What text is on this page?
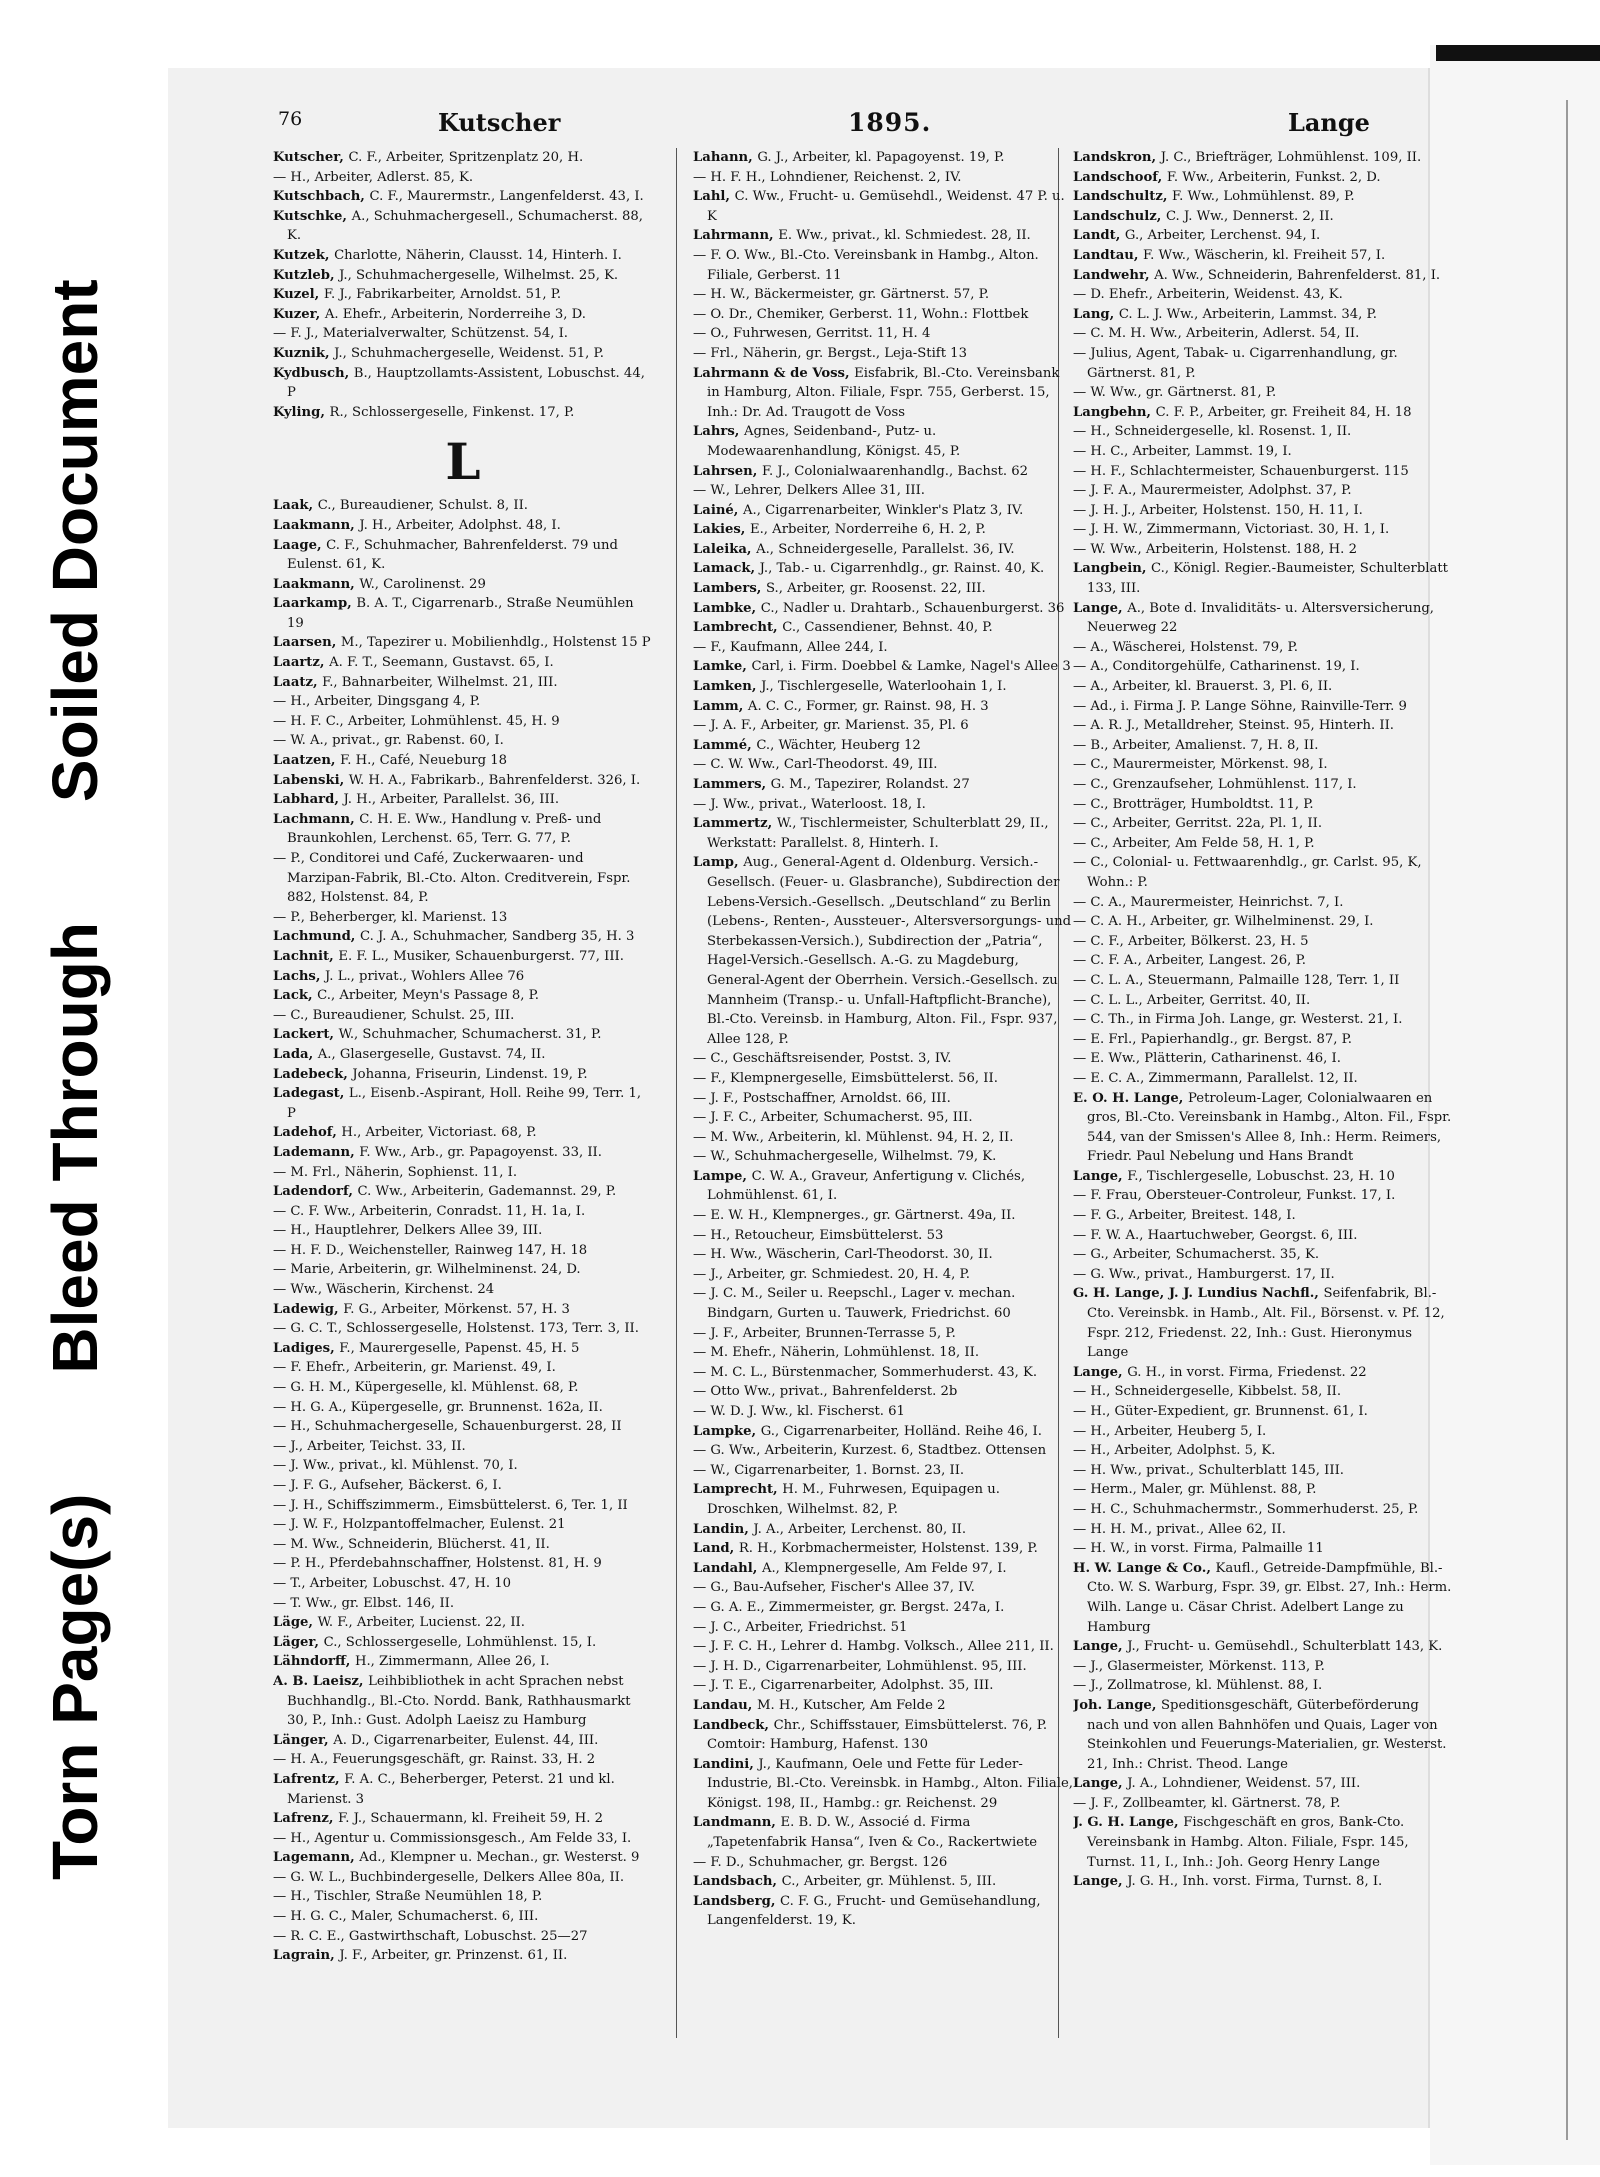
Torn Page(s)
Bleed Through
Soiled Document
76	Kutscher	1895.	Lange

Kutscher, C. F., Arbeiter, Spritzenplatz 20, H.

— H., Arbeiter, Adlerst. 85, K.

Kutschbach, C. F., Maurermstr., Langenfelderst. 43, I.

Kutschke, A., Schuhmachergesell., Schumacherst. 88, K.

Kutzek, Charlotte, Näherin, Clausst. 14, Hinterh. I.

Kutzleb, J., Schuhmachergeselle, Wilhelmst. 25, K.

Kuzel, F. J., Fabrikarbeiter, Arnoldst. 51, P.

Kuzer, A. Ehefr., Arbeiterin, Norderreihe 3, D.

— F. J., Materialverwalter, Schützenst. 54, I.

Kuznik, J., Schuhmachergeselle, Weidenst. 51, P.

Kydbusch, B., Hauptzollamts-Assistent, Lobuschst. 44, P

Kyling, R., Schlossergeselle, Finkenst. 17, P.

L

Laak, C., Bureaudiener, Schulst. 8, II.

Laakmann, J. H., Arbeiter, Adolphst. 48, I.

Laage, C. F., Schuhmacher, Bahrenfelderst. 79 und Eulenst. 61, K.

Laakmann, W., Carolinenst. 29

Laarkamp, B. A. T., Cigarrenarb., Straße Neumühlen 19

Laarsen, M., Tapezirer u. Mobilienhdlg., Holstenst 15 P

Laartz, A. F. T., Seemann, Gustavst. 65, I.

Laatz, F., Bahnarbeiter, Wilhelmst. 21, III.

— H., Arbeiter, Dingsgang 4, P.

— H. F. C., Arbeiter, Lohmühlenst. 45, H. 9

— W. A., privat., gr. Rabenst. 60, I.

Laatzen, F. H., Café, Neueburg 18

Labenski, W. H. A., Fabrikarb., Bahrenfelderst. 326, I.

Labhard, J. H., Arbeiter, Parallelst. 36, III.

Lachmann, C. H. E. Ww., Handlung v. Preß- und Braunkohlen, Lerchenst. 65, Terr. G. 77, P.

— P., Conditorei und Café, Zuckerwaaren- und Marzipan-Fabrik, Bl.-Cto. Alton. Creditverein, Fspr. 882, Holstenst. 84, P.

— P., Beherberger, kl. Marienst. 13

Lachmund, C. J. A., Schuhmacher, Sandberg 35, H. 3

Lachnit, E. F. L., Musiker, Schauenburgerst. 77, III.

Lachs, J. L., privat., Wohlers Allee 76

Lack, C., Arbeiter, Meyn's Passage 8, P.

— C., Bureaudiener, Schulst. 25, III.

Lackert, W., Schuhmacher, Schumacherst. 31, P.

Lada, A., Glasergeselle, Gustavst. 74, II.

Ladebeck, Johanna, Friseurin, Lindenst. 19, P.

Ladegast, L., Eisenb.-Aspirant, Holl. Reihe 99, Terr. 1, P

Ladehof, H., Arbeiter, Victoriast. 68, P.

Lademann, F. Ww., Arb., gr. Papagoyenst. 33, II.

— M. Frl., Näherin, Sophienst. 11, I.

Ladendorf, C. Ww., Arbeiterin, Gademannst. 29, P.

— C. F. Ww., Arbeiterin, Conradst. 11, H. 1a, I.

— H., Hauptlehrer, Delkers Allee 39, III.

— H. F. D., Weichensteller, Rainweg 147, H. 18

— Marie, Arbeiterin, gr. Wilhelminenst. 24, D.

— Ww., Wäscherin, Kirchenst. 24

Ladewig, F. G., Arbeiter, Mörkenst. 57, H. 3

— G. C. T., Schlossergeselle, Holstenst. 173, Terr. 3, II.

Ladiges, F., Maurergeselle, Papenst. 45, H. 5

— F. Ehefr., Arbeiterin, gr. Marienst. 49, I.

— G. H. M., Küpergeselle, kl. Mühlenst. 68, P.

— H. G. A., Küpergeselle, gr. Brunnenst. 162a, II.

— H., Schuhmachergeselle, Schauenburgerst. 28, II

— J., Arbeiter, Teichst. 33, II.

— J. Ww., privat., kl. Mühlenst. 70, I.

— J. F. G., Aufseher, Bäckerst. 6, I.

— J. H., Schiffszimmerm., Eimsbüttelerst. 6, Ter. 1, II

— J. W. F., Holzpantoffelmacher, Eulenst. 21

— M. Ww., Schneiderin, Blücherst. 41, II.

— P. H., Pferdebahnschaffner, Holstenst. 81, H. 9

— T., Arbeiter, Lobuschst. 47, H. 10

— T. Ww., gr. Elbst. 146, II.

Läge, W. F., Arbeiter, Lucienst. 22, II.

Läger, C., Schlossergeselle, Lohmühlenst. 15, I.

Lähndorff, H., Zimmermann, Allee 26, I.

A. B. Laeisz, Leihbibliothek in acht Sprachen nebst Buchhandlg., Bl.-Cto. Nordd. Bank, Rathhausmarkt 30, P., Inh.: Gust. Adolph Laeisz zu Hamburg

Länger, A. D., Cigarrenarbeiter, Eulenst. 44, III.

— H. A., Feuerungsgeschäft, gr. Rainst. 33, H. 2

Lafrentz, F. A. C., Beherberger, Peterst. 21 und kl. Marienst. 3

Lafrenz, F. J., Schauermann, kl. Freiheit 59, H. 2

— H., Agentur u. Commissionsgesch., Am Felde 33, I.

Lagemann, Ad., Klempner u. Mechan., gr. Westerst. 9

— G. W. L., Buchbindergeselle, Delkers Allee 80a, II.

— H., Tischler, Straße Neumühlen 18, P.

— H. G. C., Maler, Schumacherst. 6, III.

— R. C. E., Gastwirthschaft, Lobuschst. 25—27

Lagrain, J. F., Arbeiter, gr. Prinzenst. 61, II.

Lahann, G. J., Arbeiter, kl. Papagoyenst. 19, P.

— H. F. H., Lohndiener, Reichenst. 2, IV.

Lahl, C. Ww., Frucht- u. Gemüsehdl., Weidenst. 47 P. u. K

Lahrmann, E. Ww., privat., kl. Schmiedest. 28, II.

— F. O. Ww., Bl.-Cto. Vereinsbank in Hambg., Alton. Filiale, Gerberst. 11

— H. W., Bäckermeister, gr. Gärtnerst. 57, P.

— O. Dr., Chemiker, Gerberst. 11, Wohn.: Flottbek

— O., Fuhrwesen, Gerritst. 11, H. 4

— Frl., Näherin, gr. Bergst., Leja-Stift 13

Lahrmann & de Voss, Eisfabrik, Bl.-Cto. Vereinsbank in Hamburg, Alton. Filiale, Fspr. 755, Gerberst. 15, Inh.: Dr. Ad. Traugott de Voss

Lahrs, Agnes, Seidenband-, Putz- u. Modewaarenhandlung, Königst. 45, P.

Lahrsen, F. J., Colonialwaarenhandlg., Bachst. 62

— W., Lehrer, Delkers Allee 31, III.

Lainé, A., Cigarrenarbeiter, Winkler's Platz 3, IV.

Lakies, E., Arbeiter, Norderreihe 6, H. 2, P.

Laleika, A., Schneidergeselle, Parallelst. 36, IV.

Lamack, J., Tab.- u. Cigarrenhdlg., gr. Rainst. 40, K.

Lambers, S., Arbeiter, gr. Roosenst. 22, III.

Lambke, C., Nadler u. Drahtarb., Schauenburgerst. 36

Lambrecht, C., Cassendiener, Behnst. 40, P.

— F., Kaufmann, Allee 244, I.

Lamke, Carl, i. Firm. Doebbel & Lamke, Nagel's Allee 3

Lamken, J., Tischlergeselle, Waterloohain 1, I.

Lamm, A. C. C., Former, gr. Rainst. 98, H. 3

— J. A. F., Arbeiter, gr. Marienst. 35, Pl. 6

Lammé, C., Wächter, Heuberg 12

— C. W. Ww., Carl-Theodorst. 49, III.

Lammers, G. M., Tapezirer, Rolandst. 27

— J. Ww., privat., Waterloost. 18, I.

Lammertz, W., Tischlermeister, Schulterblatt 29, II., Werkstatt: Parallelst. 8, Hinterh. I.

Lamp, Aug., General-Agent d. Oldenburg. Versich.-Gesellsch. (Feuer- u. Glasbranche), Subdirection der Lebens-Versich.-Gesellsch. „Deutschland“ zu Berlin (Lebens-, Renten-, Aussteuer-, Altersversorgungs- und Sterbekassen-Versich.), Subdirection der „Patria“, Hagel-Versich.-Gesellsch. A.-G. zu Magdeburg, General-Agent der Oberrhein. Versich.-Gesellsch. zu Mannheim (Transp.- u. Unfall-Haftpflicht-Branche), Bl.-Cto. Vereinsb. in Hamburg, Alton. Fil., Fspr. 937, Allee 128, P.

— C., Geschäftsreisender, Postst. 3, IV.

— F., Klempnergeselle, Eimsbüttelerst. 56, II.

— J. F., Postschaffner, Arnoldst. 66, III.

— J. F. C., Arbeiter, Schumacherst. 95, III.

— M. Ww., Arbeiterin, kl. Mühlenst. 94, H. 2, II.

— W., Schuhmachergeselle, Wilhelmst. 79, K.

Lampe, C. W. A., Graveur, Anfertigung v. Clichés, Lohmühlenst. 61, I.

— E. W. H., Klempnerges., gr. Gärtnerst. 49a, II.

— H., Retoucheur, Eimsbüttelerst. 53

— H. Ww., Wäscherin, Carl-Theodorst. 30, II.

— J., Arbeiter, gr. Schmiedest. 20, H. 4, P.

— J. C. M., Seiler u. Reepschl., Lager v. mechan. Bindgarn, Gurten u. Tauwerk, Friedrichst. 60

— J. F., Arbeiter, Brunnen-Terrasse 5, P.

— M. Ehefr., Näherin, Lohmühlenst. 18, II.

— M. C. L., Bürstenmacher, Sommerhuderst. 43, K.

— Otto Ww., privat., Bahrenfelderst. 2b

— W. D. J. Ww., kl. Fischerst. 61

Lampke, G., Cigarrenarbeiter, Holländ. Reihe 46, I.

— G. Ww., Arbeiterin, Kurzest. 6, Stadtbez. Ottensen

— W., Cigarrenarbeiter, 1. Bornst. 23, II.

Lamprecht, H. M., Fuhrwesen, Equipagen u. Droschken, Wilhelmst. 82, P.

Landin, J. A., Arbeiter, Lerchenst. 80, II.

Land, R. H., Korbmachermeister, Holstenst. 139, P.

Landahl, A., Klempnergeselle, Am Felde 97, I.

— G., Bau-Aufseher, Fischer's Allee 37, IV.

— G. A. E., Zimmermeister, gr. Bergst. 247a, I.

— J. C., Arbeiter, Friedrichst. 51

— J. F. C. H., Lehrer d. Hambg. Volksch., Allee 211, II.

— J. H. D., Cigarrenarbeiter, Lohmühlenst. 95, III.

— J. T. E., Cigarrenarbeiter, Adolphst. 35, III.

Landau, M. H., Kutscher, Am Felde 2

Landbeck, Chr., Schiffsstauer, Eimsbüttelerst. 76, P. Comtoir: Hamburg, Hafenst. 130

Landini, J., Kaufmann, Oele und Fette für Leder-Industrie, Bl.-Cto. Vereinsbk. in Hambg., Alton. Filiale, Königst. 198, II., Hambg.: gr. Reichenst. 29

Landmann, E. B. D. W., Associé d. Firma „Tapetenfabrik Hansa“, Iven & Co., Rackertwiete

— F. D., Schuhmacher, gr. Bergst. 126

Landsbach, C., Arbeiter, gr. Mühlenst. 5, III.

Landsberg, C. F. G., Frucht- und Gemüsehandlung, Langenfelderst. 19, K.

Landskron, J. C., Briefträger, Lohmühlenst. 109, II.

Landschoof, F. Ww., Arbeiterin, Funkst. 2, D.

Landschultz, F. Ww., Lohmühlenst. 89, P.

Landschulz, C. J. Ww., Dennerst. 2, II.

Landt, G., Arbeiter, Lerchenst. 94, I.

Landtau, F. Ww., Wäscherin, kl. Freiheit 57, I.

Landwehr, A. Ww., Schneiderin, Bahrenfelderst. 81, I.

— D. Ehefr., Arbeiterin, Weidenst. 43, K.

Lang, C. L. J. Ww., Arbeiterin, Lammst. 34, P.

— C. M. H. Ww., Arbeiterin, Adlerst. 54, II.

— Julius, Agent, Tabak- u. Cigarrenhandlung, gr. Gärtnerst. 81, P.

— W. Ww., gr. Gärtnerst. 81, P.

Langbehn, C. F. P., Arbeiter, gr. Freiheit 84, H. 18

— H., Schneidergeselle, kl. Rosenst. 1, II.

— H. C., Arbeiter, Lammst. 19, I.

— H. F., Schlachtermeister, Schauenburgerst. 115

— J. F. A., Maurermeister, Adolphst. 37, P.

— J. H. J., Arbeiter, Holstenst. 150, H. 11, I.

— J. H. W., Zimmermann, Victoriast. 30, H. 1, I.

— W. Ww., Arbeiterin, Holstenst. 188, H. 2

Langbein, C., Königl. Regier.-Baumeister, Schulterblatt 133, III.

Lange, A., Bote d. Invaliditäts- u. Altersversicherung, Neuerweg 22

— A., Wäscherei, Holstenst. 79, P.

— A., Conditorgehülfe, Catharinenst. 19, I.

— A., Arbeiter, kl. Brauerst. 3, Pl. 6, II.

— Ad., i. Firma J. P. Lange Söhne, Rainville-Terr. 9

— A. R. J., Metalldreher, Steinst. 95, Hinterh. II.

— B., Arbeiter, Amalienst. 7, H. 8, II.

— C., Maurermeister, Mörkenst. 98, I.

— C., Grenzaufseher, Lohmühlenst. 117, I.

— C., Brotträger, Humboldtst. 11, P.

— C., Arbeiter, Gerritst. 22a, Pl. 1, II.

— C., Arbeiter, Am Felde 58, H. 1, P.

— C., Colonial- u. Fettwaarenhdlg., gr. Carlst. 95, K, Wohn.: P.

— C. A., Maurermeister, Heinrichst. 7, I.

— C. A. H., Arbeiter, gr. Wilhelminenst. 29, I.

— C. F., Arbeiter, Bölkerst. 23, H. 5

— C. F. A., Arbeiter, Langest. 26, P.

— C. L. A., Steuermann, Palmaille 128, Terr. 1, II

— C. L. L., Arbeiter, Gerritst. 40, II.

— C. Th., in Firma Joh. Lange, gr. Westerst. 21, I.

— E. Frl., Papierhandlg., gr. Bergst. 87, P.

— E. Ww., Plätterin, Catharinenst. 46, I.

— E. C. A., Zimmermann, Parallelst. 12, II.

E. O. H. Lange, Petroleum-Lager, Colonialwaaren en gros, Bl.-Cto. Vereinsbank in Hambg., Alton. Fil., Fspr. 544, van der Smissen's Allee 8, Inh.: Herm. Reimers, Friedr. Paul Nebelung und Hans Brandt

Lange, F., Tischlergeselle, Lobuschst. 23, H. 10

— F. Frau, Obersteuer-Controleur, Funkst. 17, I.

— F. G., Arbeiter, Breitest. 148, I.

— F. W. A., Haartuchweber, Georgst. 6, III.

— G., Arbeiter, Schumacherst. 35, K.

— G. Ww., privat., Hamburgerst. 17, II.

G. H. Lange, J. J. Lundius Nachfl., Seifenfabrik, Bl.-Cto. Vereinsbk. in Hamb., Alt. Fil., Börsenst. v. Pf. 12, Fspr. 212, Friedenst. 22, Inh.: Gust. Hieronymus Lange

Lange, G. H., in vorst. Firma, Friedenst. 22

— H., Schneidergeselle, Kibbelst. 58, II.

— H., Güter-Expedient, gr. Brunnenst. 61, I.

— H., Arbeiter, Heuberg 5, I.

— H., Arbeiter, Adolphst. 5, K.

— H. Ww., privat., Schulterblatt 145, III.

— Herm., Maler, gr. Mühlenst. 88, P.

— H. C., Schuhmachermstr., Sommerhuderst. 25, P.

— H. H. M., privat., Allee 62, II.

— H. W., in vorst. Firma, Palmaille 11

H. W. Lange & Co., Kaufl., Getreide-Dampfmühle, Bl.-Cto. W. S. Warburg, Fspr. 39, gr. Elbst. 27, Inh.: Herm. Wilh. Lange u. Cäsar Christ. Adelbert Lange zu Hamburg

Lange, J., Frucht- u. Gemüsehdl., Schulterblatt 143, K.

— J., Glasermeister, Mörkenst. 113, P.

— J., Zollmatrose, kl. Mühlenst. 88, I.

Joh. Lange, Speditionsgeschäft, Güterbeförderung nach und von allen Bahnhöfen und Quais, Lager von Steinkohlen und Feuerungs-Materialien, gr. Westerst. 21, Inh.: Christ. Theod. Lange

Lange, J. A., Lohndiener, Weidenst. 57, III.

— J. F., Zollbeamter, kl. Gärtnerst. 78, P.

J. G. H. Lange, Fischgeschäft en gros, Bank-Cto. Vereinsbank in Hambg. Alton. Filiale, Fspr. 145, Turnst. 11, I., Inh.: Joh. Georg Henry Lange

Lange, J. G. H., Inh. vorst. Firma, Turnst. 8, I.
